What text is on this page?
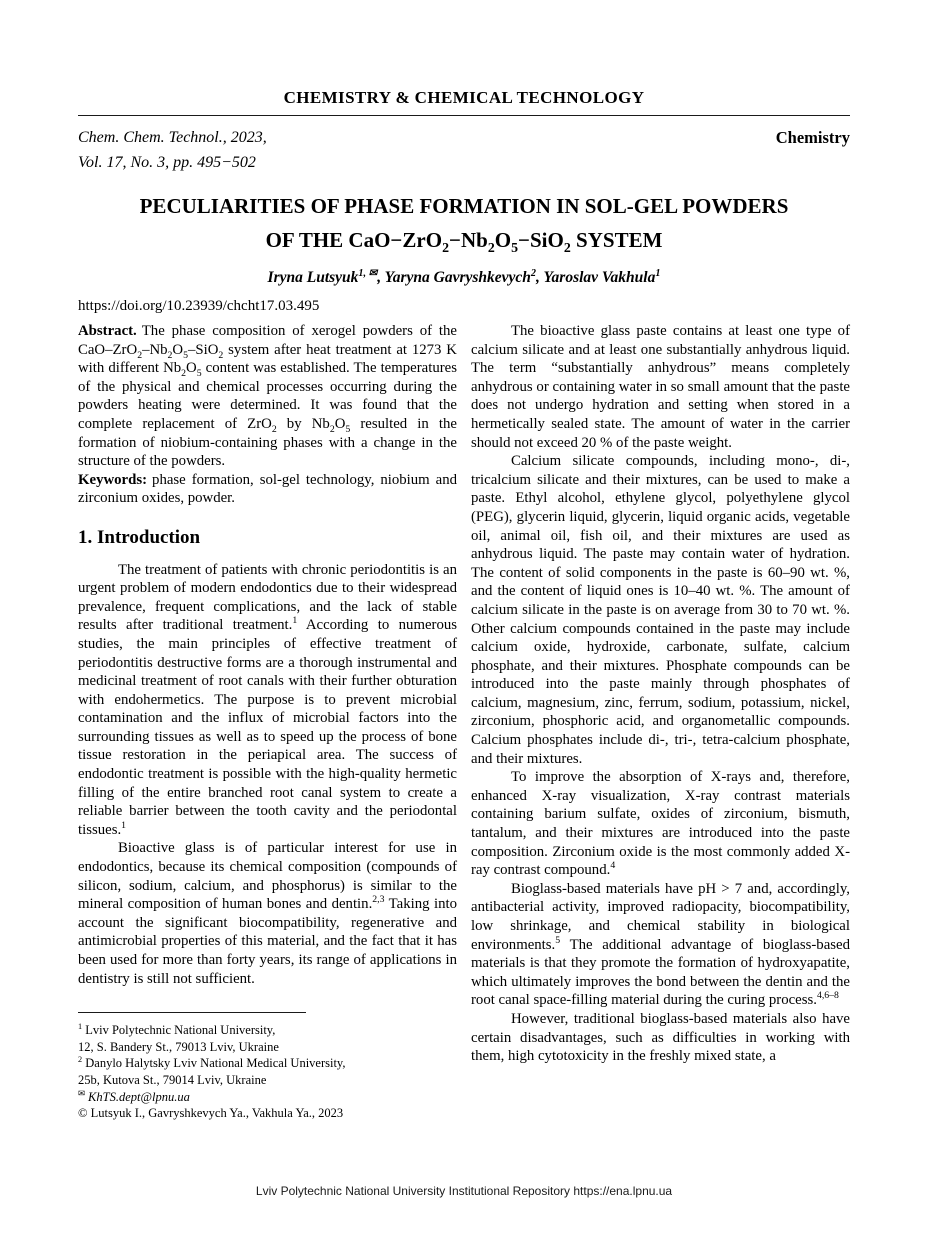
CHEMISTRY & CHEMICAL TECHNOLOGY
Chem. Chem. Technol., 2023,
Vol. 17, No. 3, pp. 495−502
Chemistry
PECULIARITIES OF PHASE FORMATION IN SOL-GEL POWDERS
OF THE $CaO-ZrO_2-Nb_2O_5-SiO_2$ SYSTEM
Iryna Lutsyuk$^{1, ✉}$, Yaryna Gavryshkevych$^2$, Yaroslav Vakhula$^1$
https://doi.org/10.23939/chcht17.03.495

Abstract. The phase composition of xerogel powders of the CaO–$ZrO_2-Nb_2O_5-SiO_2$ system after heat treatment at 1273 K with different $Nb_2O_5$ content was established. The temperatures of the physical and chemical processes occurring during the powders heating were determined. It was found that the complete replacement of ZrO$_2$ by $Nb_2O_5$ resulted in the formation of niobium-containing phases with a change in the structure of the powders.

Keywords: phase formation, sol-gel technology, niobium and zirconium oxides, powder.

1. Introduction

The treatment of patients with chronic periodontitis is an urgent problem of modern endodontics due to their widespread prevalence, frequent complications, and the lack of stable results after traditional treatment.$^1$ According to numerous studies, the main principles of effective treatment of periodontitis destructive forms are a thorough instrumental and medicinal treatment of root canals with their further obturation with endohermetics. The purpose is to prevent microbial contamination and the influx of microbial factors into the surrounding tissues as well as to speed up the process of bone tissue restoration in the periapical area. The success of endodontic treatment is possible with the high-quality hermetic filling of the entire branched root canal system to create a reliable barrier between the tooth cavity and the periodontal tissues.$^1$

Bioactive glass is of particular interest for use in endodontics, because its chemical composition (compounds of silicon, sodium, calcium, and phosphorus) is similar to the mineral composition of human bones and dentin.$^{2,3}$ Taking into account the significant biocompatibility, regenerative and antimicrobial properties of this material, and the fact that it has been used for more than forty years, its range of applications in dentistry is still not sufficient.

$^1$ Lviv Polytechnic National University,
12, S. Bandery St., 79013 Lviv, Ukraine
$^2$ Danylo Halytsky Lviv National Medical University,
25b, Kutova St., 79014 Lviv, Ukraine
✉ KhTS.dept@lpnu.ua
© Lutsyuk I., Gavryshkevych Ya., Vakhula Ya., 2023

The bioactive glass paste contains at least one type of calcium silicate and at least one substantially anhydrous liquid. The term “substantially anhydrous” means completely anhydrous or containing water in so small amount that the paste does not undergo hydration and setting when stored in a hermetically sealed state. The amount of water in the carrier should not exceed 20 % of the paste weight.

Calcium silicate compounds, including mono-, di-, tricalcium silicate and their mixtures, can be used to make a paste. Ethyl alcohol, ethylene glycol, polyethylene glycol (PEG), glycerin liquid, glycerin, liquid organic acids, vegetable oil, animal oil, fish oil, and their mixtures are used as anhydrous liquid. The paste may contain water of hydration. The content of solid components in the paste is 60–90 wt. %, and the content of liquid ones is 10–40 wt. %. The amount of calcium silicate in the paste is on average from 30 to 70 wt. %. Other calcium compounds contained in the paste may include calcium oxide, hydroxide, carbonate, sulfate, calcium phosphate, and their mixtures. Phosphate compounds can be introduced into the paste mainly through phosphates of calcium, magnesium, zinc, ferrum, sodium, potassium, nickel, zirconium, phosphoric acid, and organometallic compounds. Calcium phosphates include di-, tri-, tetra-calcium phosphate, and their mixtures.

To improve the absorption of X-rays and, therefore, enhanced X-ray visualization, X-ray contrast materials containing barium sulfate, oxides of zirconium, bismuth, tantalum, and their mixtures are introduced into the paste composition. Zirconium oxide is the most commonly added X-ray contrast compound.$^4$

Bioglass-based materials have pH > 7 and, accordingly, antibacterial activity, improved radiopacity, biocompatibility, low shrinkage, and chemical stability in biological environments.$^5$ The additional advantage of bioglass-based materials is that they promote the formation of hydroxyapatite, which ultimately improves the bond between the dentin and the root canal space-filling material during the curing process.$^{4,6-8}$

However, traditional bioglass-based materials also have certain disadvantages, such as difficulties in working with them, high cytotoxicity in the freshly mixed state, a

Lviv Polytechnic National University Institutional Repository https://ena.lpnu.ua
